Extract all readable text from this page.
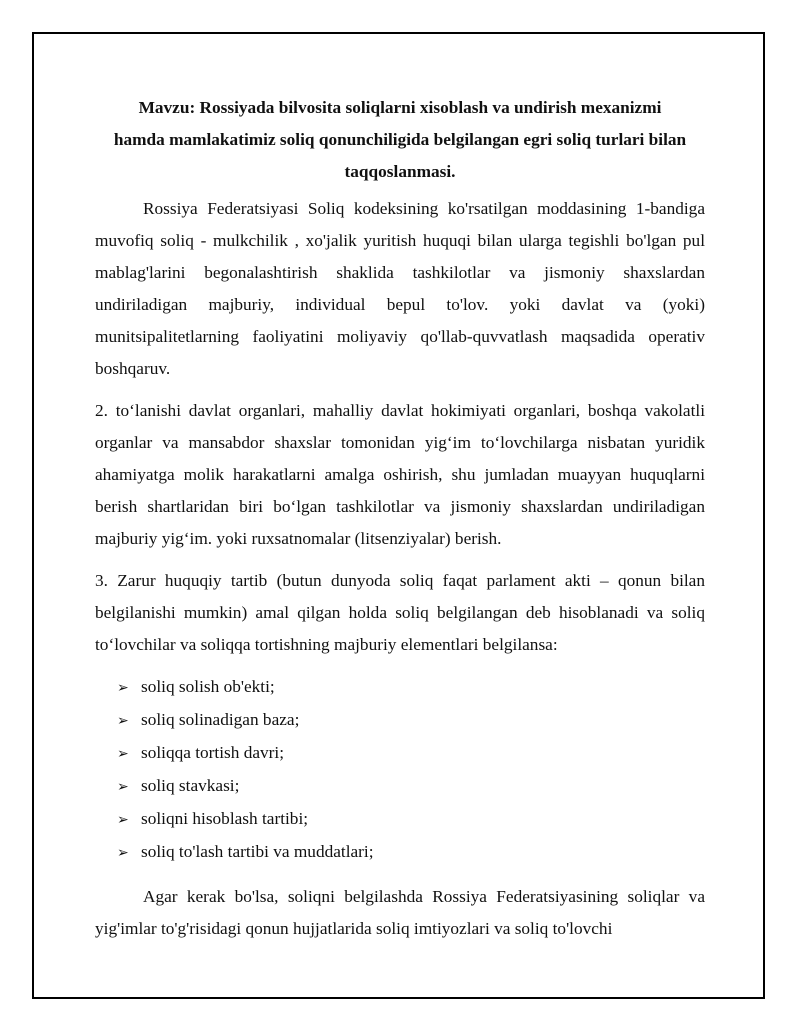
Mavzu: Rossiyada bilvosita soliqlarni xisoblash va undirish mexanizmi
hamda mamlakatimiz soliq qonunchiligida belgilangan egri soliq turlari bilan
taqqoslanmasi.

Rossiya Federatsiyasi Soliq kodeksining ko'rsatilgan moddasining 1-bandiga muvofiq soliq - mulkchilik , xo'jalik yuritish huquqi bilan ularga tegishli bo'lgan pul mablag'larini begonalashtirish shaklida tashkilotlar va jismoniy shaxslardan undiriladigan majburiy, individual bepul to'lov. yoki davlat va (yoki) munitsipalitetlarning faoliyatini moliyaviy qo'llab-quvvatlash maqsadida operativ boshqaruv.

2. to‘lanishi davlat organlari, mahalliy davlat hokimiyati organlari, boshqa vakolatli organlar va mansabdor shaxslar tomonidan yig‘im to‘lovchilarga nisbatan yuridik ahamiyatga molik harakatlarni amalga oshirish, shu jumladan muayyan huquqlarni berish shartlaridan biri bo‘lgan tashkilotlar va jismoniy shaxslardan undiriladigan majburiy yig‘im. yoki ruxsatnomalar (litsenziyalar) berish.

3. Zarur huquqiy tartib (butun dunyoda soliq faqat parlament akti – qonun bilan belgilanishi mumkin) amal qilgan holda soliq belgilangan deb hisoblanadi va soliq to‘lovchilar va soliqqa tortishning majburiy elementlari belgilansa:

➢ soliq solish ob'ekti;
➢ soliq solinadigan baza;
➢ soliqqa tortish davri;
➢ soliq stavkasi;
➢ soliqni hisoblash tartibi;
➢ soliq to'lash tartibi va muddatlari;

Agar kerak bo'lsa, soliqni belgilashda Rossiya Federatsiyasining soliqlar va yig'imlar to'g'risidagi qonun hujjatlarida soliq imtiyozlari va soliq to'lovchi
